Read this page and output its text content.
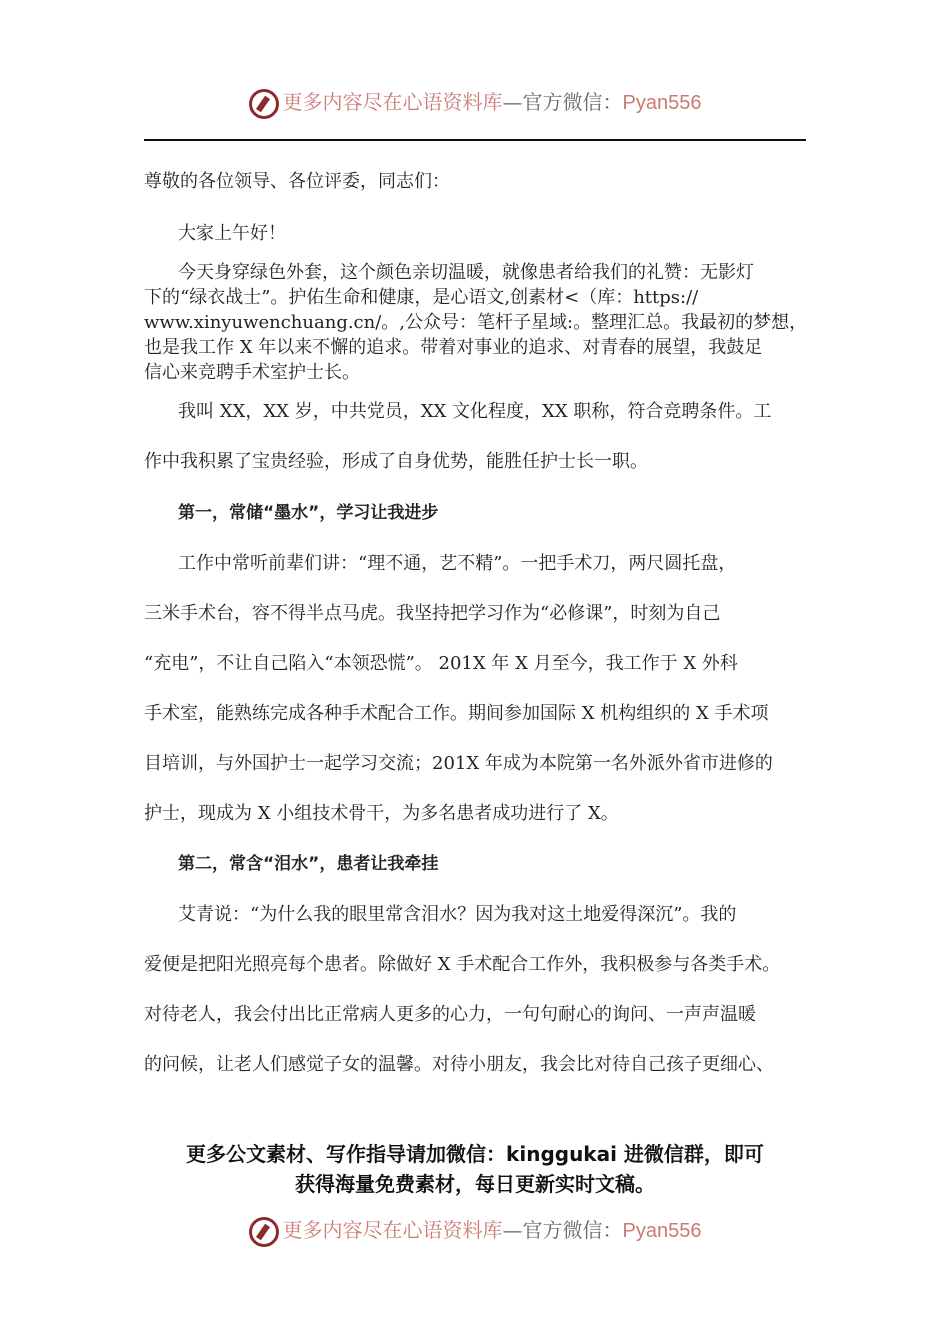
更多内容尽在心语资料库—官方微信：Pyan556
尊敬的各位领导、各位评委，同志们：
大家上午好！
今天身穿绿色外套，这个颜色亲切温暖，就像患者给我们的礼赞：无影灯
下的“绿衣战士”。护佑生命和健康，是心语文,创素材<（库：https://
www.xinyuwenchuang.cn/。,公众号：笔杆子星域:。整理汇总。我最初的梦想，
也是我工作 X 年以来不懈的追求。带着对事业的追求、对青春的展望，我鼓足
信心来竞聘手术室护士长。
我叫 XX，XX 岁，中共党员，XX 文化程度，XX 职称，符合竞聘条件。工
作中我积累了宝贵经验，形成了自身优势，能胜任护士长一职。
第一，常储“墨水”，学习让我进步
工作中常听前辈们讲：“理不通，艺不精”。一把手术刀，两尺圆托盘，
三米手术台，容不得半点马虎。我坚持把学习作为“必修课”，时刻为自己
“充电”，不让自己陷入“本领恐慌”。 201X 年 X 月至今，我工作于 X 外科
手术室，能熟练完成各种手术配合工作。期间参加国际 X 机构组织的 X 手术项
目培训，与外国护士一起学习交流；201X 年成为本院第一名外派外省市进修的
护士，现成为 X 小组技术骨干，为多名患者成功进行了 X。
第二，常含“泪水”，患者让我牵挂
艾青说：“为什么我的眼里常含泪水？因为我对这土地爱得深沉”。我的
爱便是把阳光照亮每个患者。除做好 X 手术配合工作外，我积极参与各类手术。
对待老人，我会付出比正常病人更多的心力，一句句耐心的询问、一声声温暖
的问候，让老人们感觉子女的温馨。对待小朋友，我会比对待自己孩子更细心、
更多公文素材、写作指导请加微信：kinggukai 进微信群，即可
获得海量免费素材，每日更新实时文稿。
更多内容尽在心语资料库—官方微信：Pyan556
